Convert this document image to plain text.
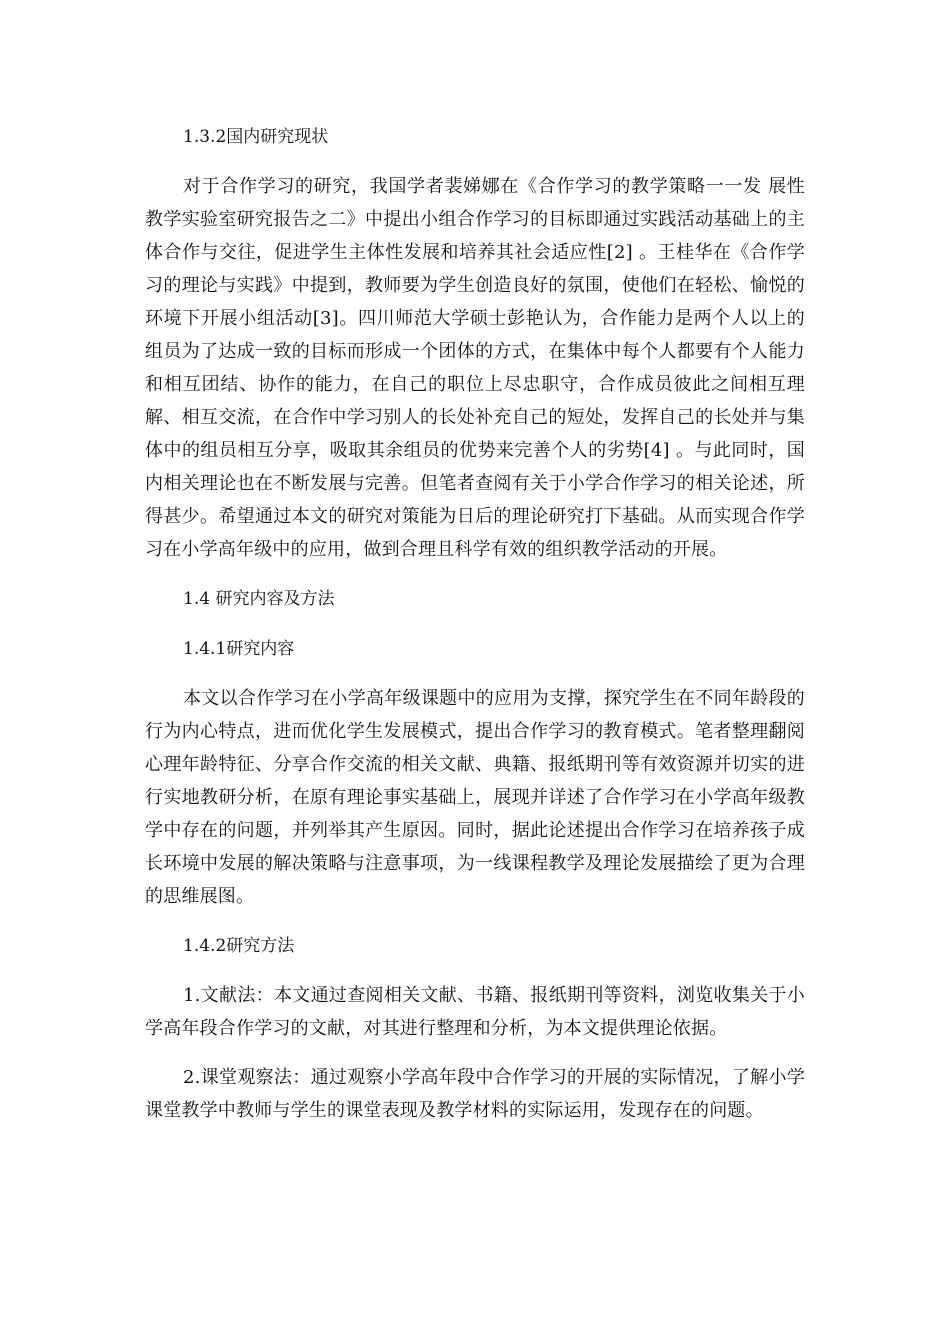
1.3.2国内研究现状

对于合作学习的研究，我国学者裴娣娜在《合作学习的教学策略一一发 展性教学实验室研究报告之二》中提出小组合作学习的目标即通过实践活动基础上的主体合作与交往，促进学生主体性发展和培养其社会适应性[2] 。王桂华在《合作学习的理论与实践》中提到，教师要为学生创造良好的氛围，使他们在轻松、愉悦的环境下开展小组活动[3]。四川师范大学硕士彭艳认为，合作能力是两个人以上的组员为了达成一致的目标而形成一个团体的方式，在集体中每个人都要有个人能力和相互团结、协作的能力，在自己的职位上尽忠职守，合作成员彼此之间相互理解、相互交流，在合作中学习别人的长处补充自己的短处，发挥自己的长处并与集体中的组员相互分享，吸取其余组员的优势来完善个人的劣势[4] 。与此同时，国内相关理论也在不断发展与完善。但笔者查阅有关于小学合作学习的相关论述，所得甚少。希望通过本文的研究对策能为日后的理论研究打下基础。从而实现合作学习在小学高年级中的应用，做到合理且科学有效的组织教学活动的开展。

1.4 研究内容及方法
1.4.1研究内容

本文以合作学习在小学高年级课题中的应用为支撑，探究学生在不同年龄段的行为内心特点，进而优化学生发展模式，提出合作学习的教育模式。笔者整理翻阅心理年龄特征、分享合作交流的相关文献、典籍、报纸期刊等有效资源并切实的进行实地教研分析，在原有理论事实基础上，展现并详述了合作学习在小学高年级教学中存在的问题，并列举其产生原因。同时，据此论述提出合作学习在培养孩子成长环境中发展的解决策略与注意事项，为一线课程教学及理论发展描绘了更为合理的思维展图。

1.4.2研究方法

1.文献法：本文通过查阅相关文献、书籍、报纸期刊等资料，浏览收集关于小学高年段合作学习的文献，对其进行整理和分析，为本文提供理论依据。

2.课堂观察法：通过观察小学高年段中合作学习的开展的实际情况，了解小学课堂教学中教师与学生的课堂表现及教学材料的实际运用，发现存在的问题。
